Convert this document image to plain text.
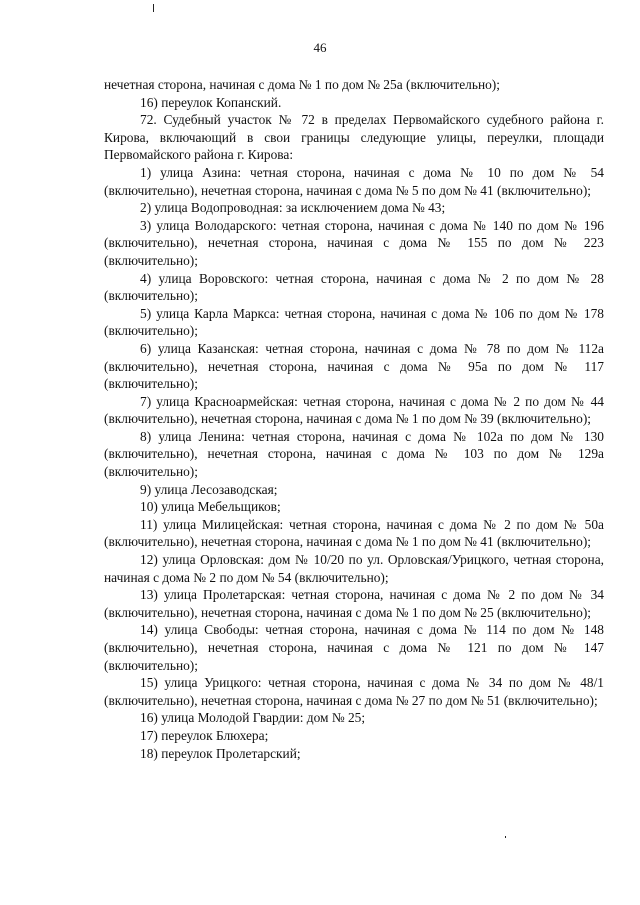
46

нечетная сторона, начиная с дома № 1 по дом № 25а (включительно);

16) переулок Копанский.

72. Судебный участок № 72 в пределах Первомайского судебного района г. Кирова, включающий в свои границы следующие улицы, переулки, площади Первомайского района г. Кирова:

1) улица Азина: четная сторона, начиная с дома № 10 по дом № 54 (включительно), нечетная сторона, начиная с дома № 5 по дом № 41 (включительно);

2) улица Водопроводная: за исключением дома № 43;

3) улица Володарского: четная сторона, начиная с дома № 140 по дом № 196 (включительно), нечетная сторона, начиная с дома № 155 по дом № 223 (включительно);

4) улица Воровского: четная сторона, начиная с дома № 2 по дом № 28 (включительно);

5) улица Карла Маркса: четная сторона, начиная с дома № 106 по дом № 178 (включительно);

6) улица Казанская: четная сторона, начиная с дома № 78 по дом № 112а (включительно), нечетная сторона, начиная с дома № 95а по дом № 117 (включительно);

7) улица Красноармейская: четная сторона, начиная с дома № 2 по дом № 44 (включительно), нечетная сторона, начиная с дома № 1 по дом № 39 (включительно);

8) улица Ленина: четная сторона, начиная с дома № 102а по дом № 130 (включительно), нечетная сторона, начиная с дома № 103 по дом № 129а (включительно);

9) улица Лесозаводская;

10) улица Мебельщиков;

11) улица Милицейская: четная сторона, начиная с дома № 2 по дом № 50а (включительно), нечетная сторона, начиная с дома № 1 по дом № 41 (включительно);

12) улица Орловская: дом № 10/20 по ул. Орловская/Урицкого, четная сторона, начиная с дома № 2 по дом № 54 (включительно);

13) улица Пролетарская: четная сторона, начиная с дома № 2 по дом № 34 (включительно), нечетная сторона, начиная с дома № 1 по дом № 25 (включительно);

14) улица Свободы: четная сторона, начиная с дома № 114 по дом № 148 (включительно), нечетная сторона, начиная с дома № 121 по дом № 147 (включительно);

15) улица Урицкого: четная сторона, начиная с дома № 34 по дом № 48/1 (включительно), нечетная сторона, начиная с дома № 27 по дом № 51 (включительно);

16) улица Молодой Гвардии: дом № 25;

17) переулок Блюхера;

18) переулок Пролетарский;
